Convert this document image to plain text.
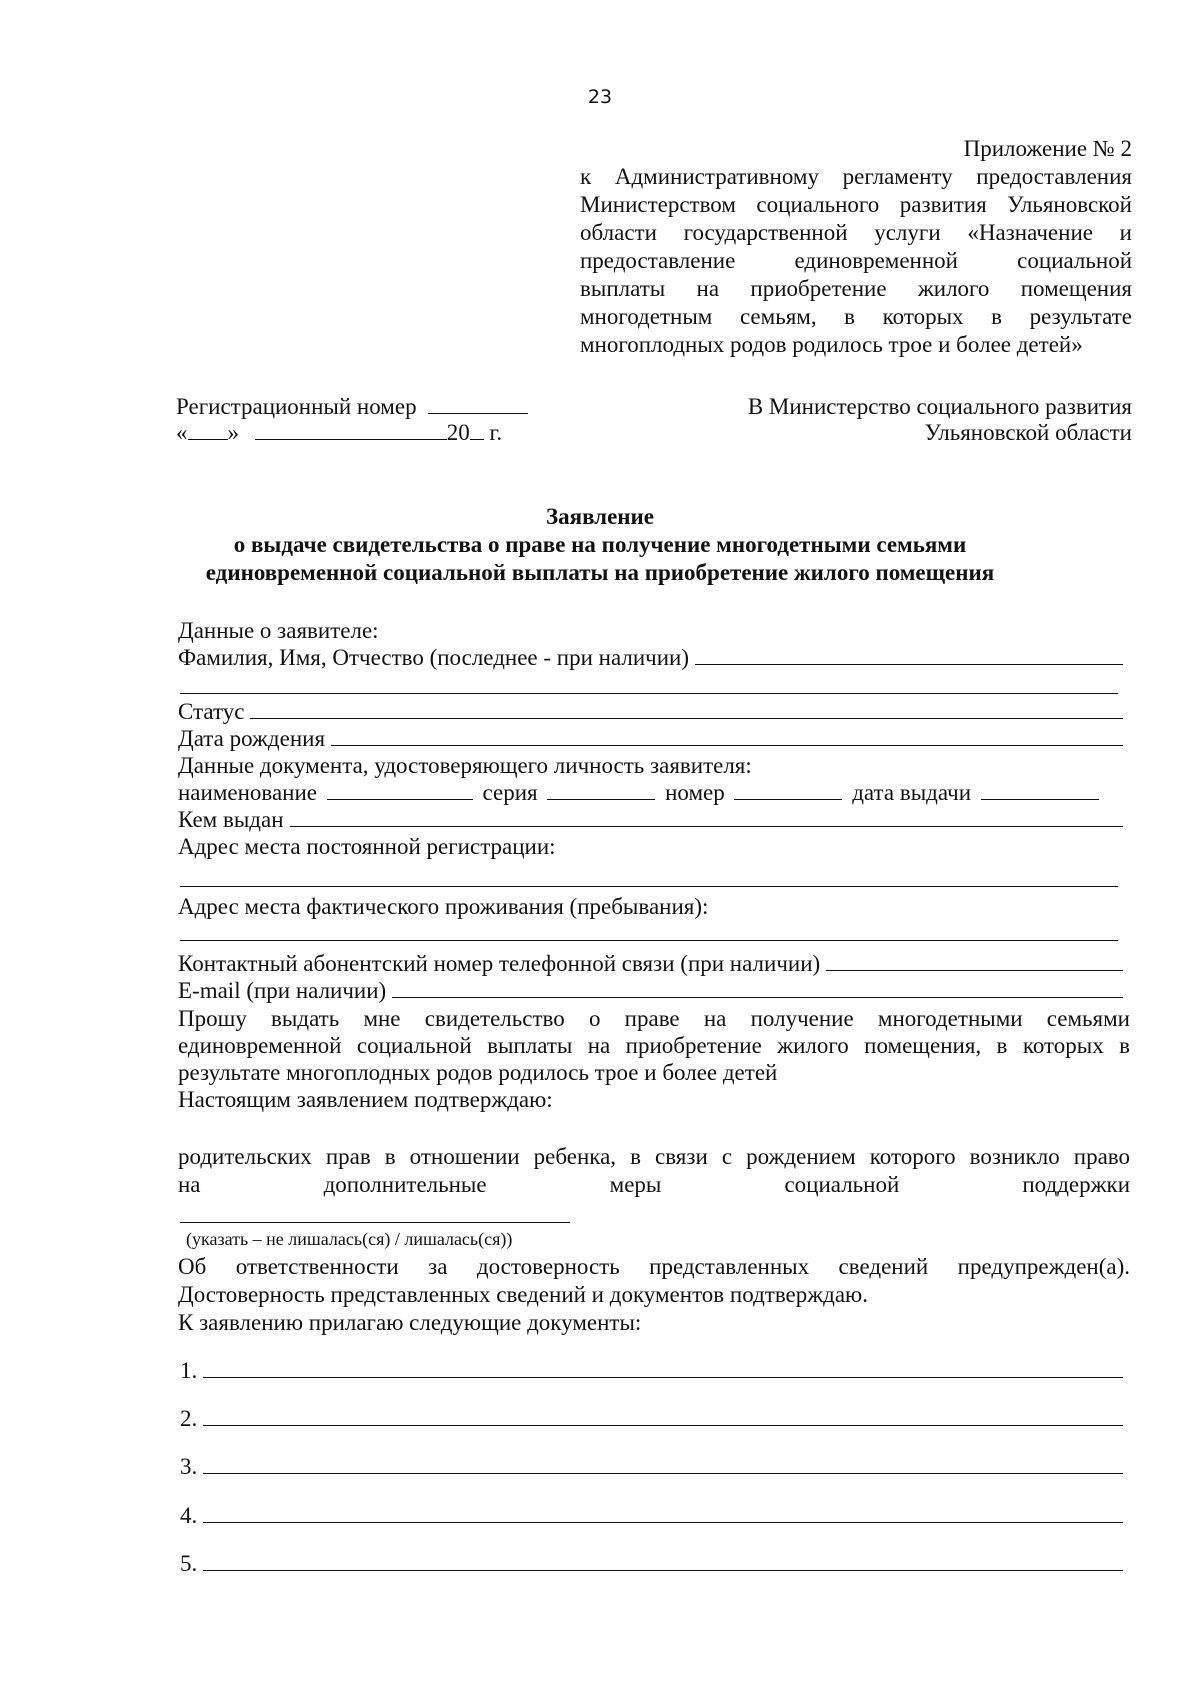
23
Приложение № 2
к Административному регламенту предоставления
Министерством социального развития Ульяновской
области государственной услуги «Назначение и
предоставление единовременной социальной
выплаты на приобретение жилого помещения
многодетным семьям, в которых в результате
многоплодных родов родилось трое и более детей»
Регистрационный номер
« »	20 г.
В Министерство социального развития
Ульяновской области
Заявление
о выдаче свидетельства о праве на получение многодетными семьями
единовременной социальной выплаты на приобретение жилого помещения
Данные о заявителе:
Фамилия, Имя, Отчество (последнее - при наличии)
Статус
Дата рождения
Данные документа, удостоверяющего личность заявителя:
наименование	серия	номер	дата выдачи
Кем выдан
Адрес места постоянной регистрации:
Адрес места фактического проживания (пребывания):
Контактный абонентский номер телефонной связи (при наличии)
E-mail (при наличии)
Прошу выдать мне свидетельство о праве на получение многодетными семьями
единовременной социальной выплаты на приобретение жилого помещения, в которых в
результате многоплодных родов родилось трое и более детей
Настоящим заявлением подтверждаю:
родительских прав в отношении ребенка, в связи с рождением которого возникло право
на дополнительные меры социальной поддержки
(указать – не лишалась(ся) / лишалась(ся))
Об ответственности за достоверность представленных сведений предупрежден(а).
Достоверность представленных сведений и документов подтверждаю.
К заявлению прилагаю следующие документы:
1.
2.
3.
4.
5.
